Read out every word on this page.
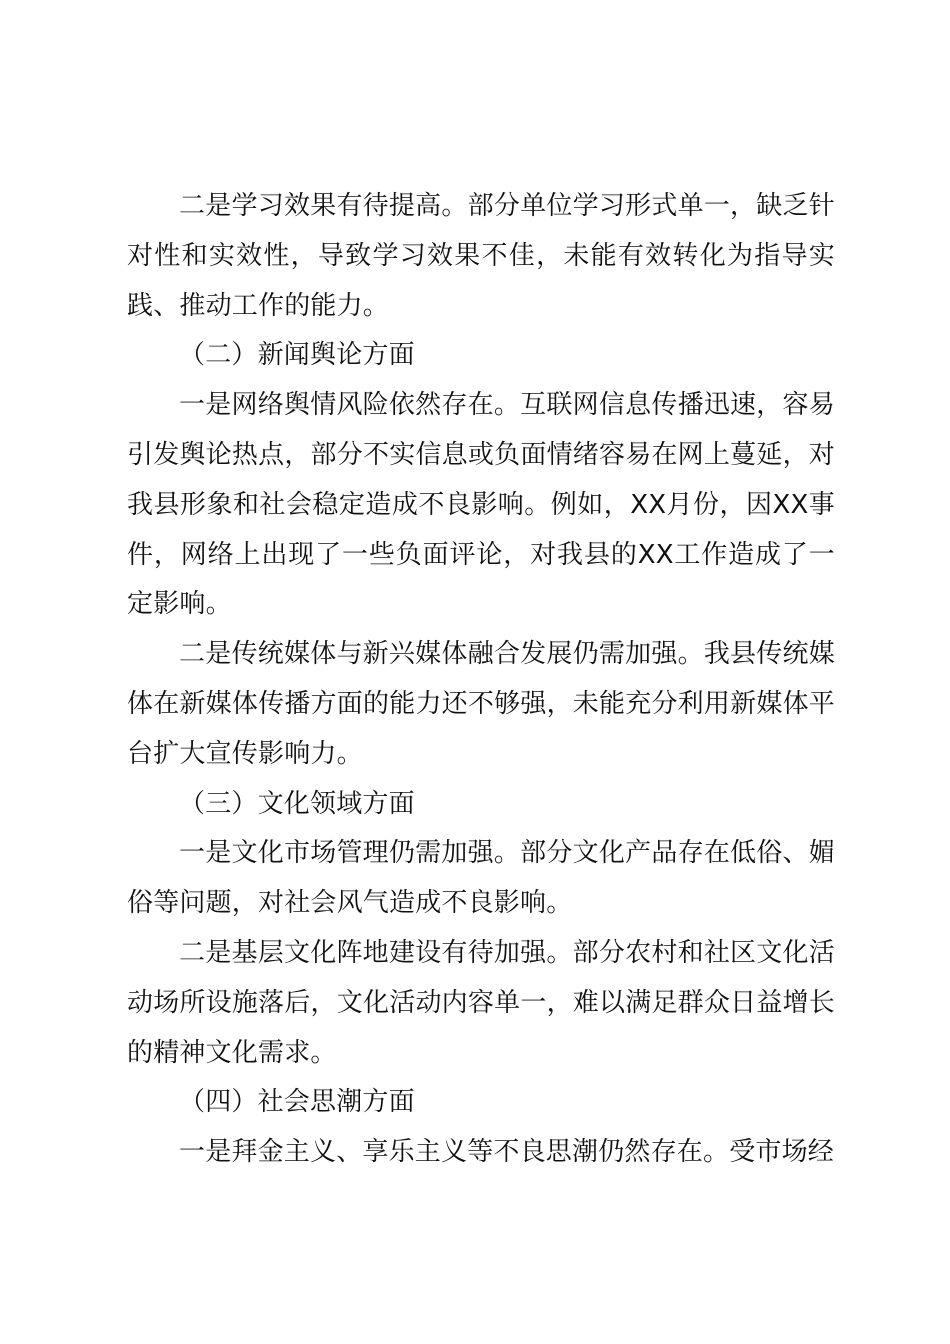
二是学习效果有待提高。部分单位学习形式单一，缺乏针对性和实效性，导致学习效果不佳，未能有效转化为指导实践、推动工作的能力。

（二）新闻舆论方面

一是网络舆情风险依然存在。互联网信息传播迅速，容易引发舆论热点，部分不实信息或负面情绪容易在网上蔓延，对我县形象和社会稳定造成不良影响。例如，XX月份，因XX事件，网络上出现了一些负面评论，对我县的XX工作造成了一定影响。

二是传统媒体与新兴媒体融合发展仍需加强。我县传统媒体在新媒体传播方面的能力还不够强，未能充分利用新媒体平台扩大宣传影响力。

（三）文化领域方面

一是文化市场管理仍需加强。部分文化产品存在低俗、媚俗等问题，对社会风气造成不良影响。

二是基层文化阵地建设有待加强。部分农村和社区文化活动场所设施落后，文化活动内容单一，难以满足群众日益增长的精神文化需求。

（四）社会思潮方面

一是拜金主义、享乐主义等不良思潮仍然存在。受市场经
